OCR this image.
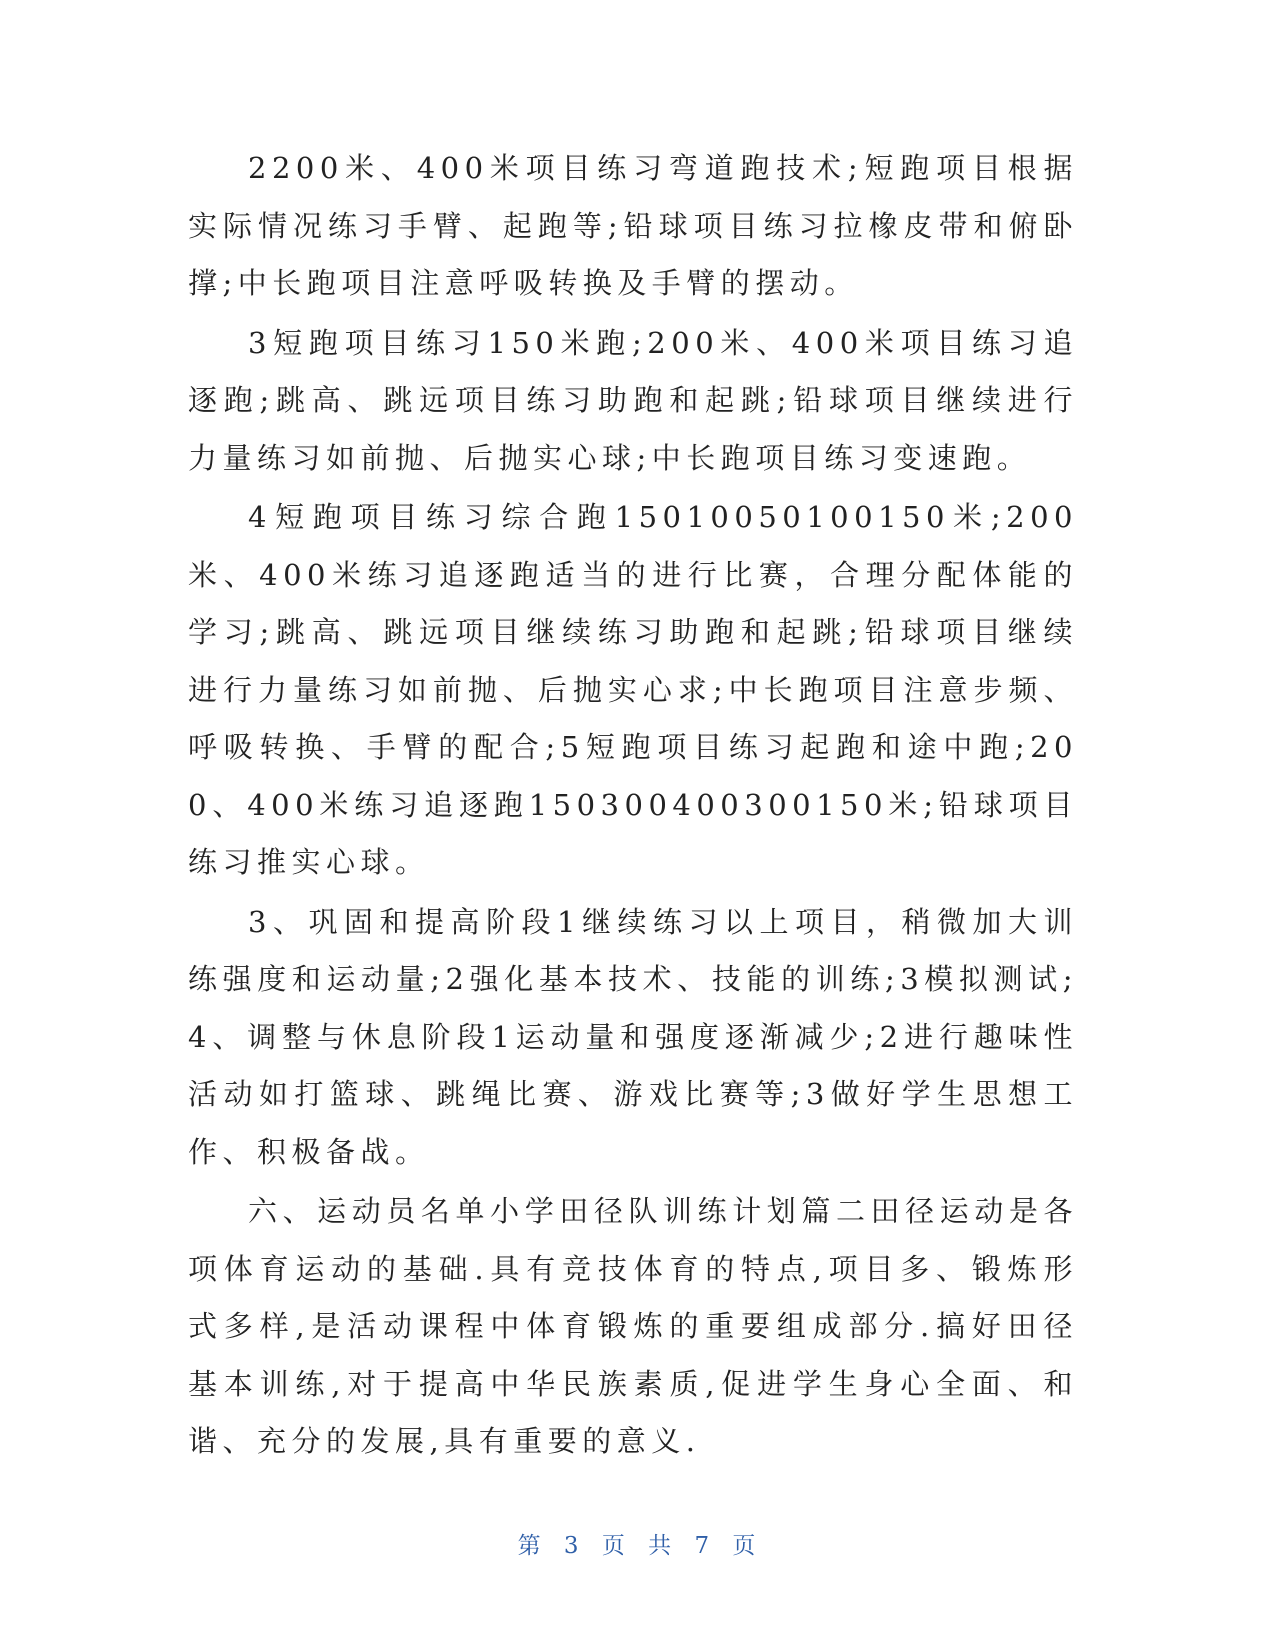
2200米、400米项目练习弯道跑技术;短跑项目根据实际情况练习手臂、起跑等;铅球项目练习拉橡皮带和俯卧撑;中长跑项目注意呼吸转换及手臂的摆动。

3短跑项目练习150米跑;200米、400米项目练习追逐跑;跳高、跳远项目练习助跑和起跳;铅球项目继续进行力量练习如前抛、后抛实心球;中长跑项目练习变速跑。

4短跑项目练习综合跑15010050100150米;200米、400米练习追逐跑适当的进行比赛，合理分配体能的学习;跳高、跳远项目继续练习助跑和起跳;铅球项目继续进行力量练习如前抛、后抛实心求;中长跑项目注意步频、呼吸转换、手臂的配合;5短跑项目练习起跑和途中跑;200、400米练习追逐跑150300400300150米;铅球项目练习推实心球。

3、巩固和提高阶段1继续练习以上项目，稍微加大训练强度和运动量;2强化基本技术、技能的训练;3模拟测试;4、调整与休息阶段1运动量和强度逐渐减少;2进行趣味性活动如打篮球、跳绳比赛、游戏比赛等;3做好学生思想工作、积极备战。

六、运动员名单小学田径队训练计划篇二田径运动是各项体育运动的基础.具有竞技体育的特点,项目多、锻炼形式多样,是活动课程中体育锻炼的重要组成部分.搞好田径基本训练,对于提高中华民族素质,促进学生身心全面、和谐、充分的发展,具有重要的意义.

第 3 页 共 7 页
